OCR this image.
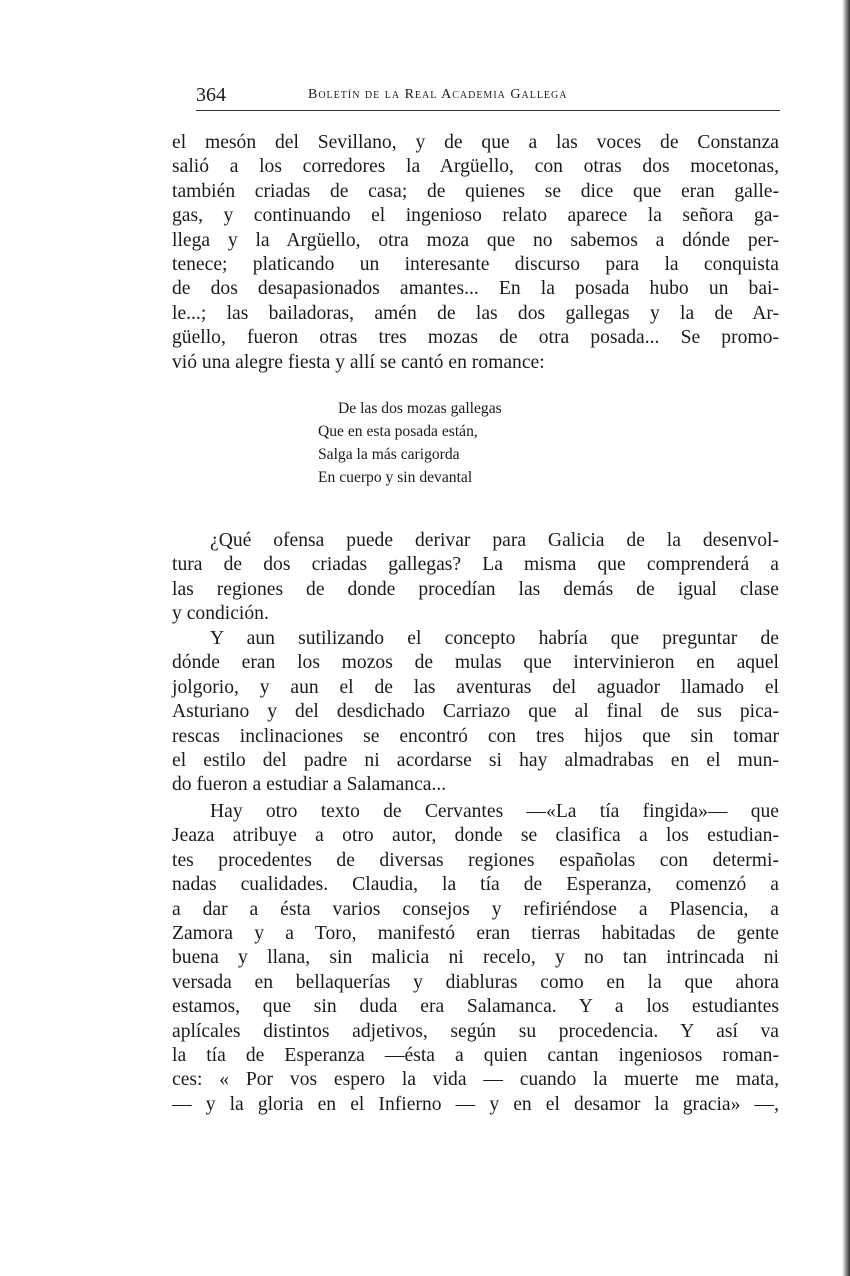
364	Boletín de la Real Academia Gallega
el mesón del Sevillano, y de que a las voces de Constanza
salió a los corredores la Argüello, con otras dos mocetonas,
también criadas de casa; de quienes se dice que eran galle-
gas, y continuando el ingenioso relato aparece la señora ga-
llega y la Argüello, otra moza que no sabemos a dónde per-
tenece; platicando un interesante discurso para la conquista
de dos desapasionados amantes... En la posada hubo un bai-
le...; las bailadoras, amén de las dos gallegas y la de Ar-
güello, fueron otras tres mozas de otra posada... Se promo-
vió una alegre fiesta y allí se cantó en romance:
De las dos mozas gallegas
Que en esta posada están,
Salga la más carigorda
En cuerpo y sin devantal
¿Qué ofensa puede derivar para Galicia de la desenvol-
tura de dos criadas gallegas? La misma que comprenderá a
las regiones de donde procedían las demás de igual clase
y condición.
Y aun sutilizando el concepto habría que preguntar de
dónde eran los mozos de mulas que intervinieron en aquel
jolgorio, y aun el de las aventuras del aguador llamado el
Asturiano y del desdichado Carriazo que al final de sus pica-
rescas inclinaciones se encontró con tres hijos que sin tomar
el estilo del padre ni acordarse si hay almadrabas en el mun-
do fueron a estudiar a Salamanca...
Hay otro texto de Cervantes —«La tía fingida»— que
Jeaza atribuye a otro autor, donde se clasifica a los estudian-
tes procedentes de diversas regiones españolas con determi-
nadas cualidades. Claudia, la tía de Esperanza, comenzó a
a dar a ésta varios consejos y refiriéndose a Plasencia, a
Zamora y a Toro, manifestó eran tierras habitadas de gente
buena y llana, sin malicia ni recelo, y no tan intrincada ni
versada en bellaquerías y diabluras como en la que ahora
estamos, que sin duda era Salamanca. Y a los estudiantes
aplícales distintos adjetivos, según su procedencia. Y así va
la tía de Esperanza —ésta a quien cantan ingeniosos roman-
ces: « Por vos espero la vida — cuando la muerte me mata,
— y la gloria en el Infierno — y en el desamor la gracia» —,
